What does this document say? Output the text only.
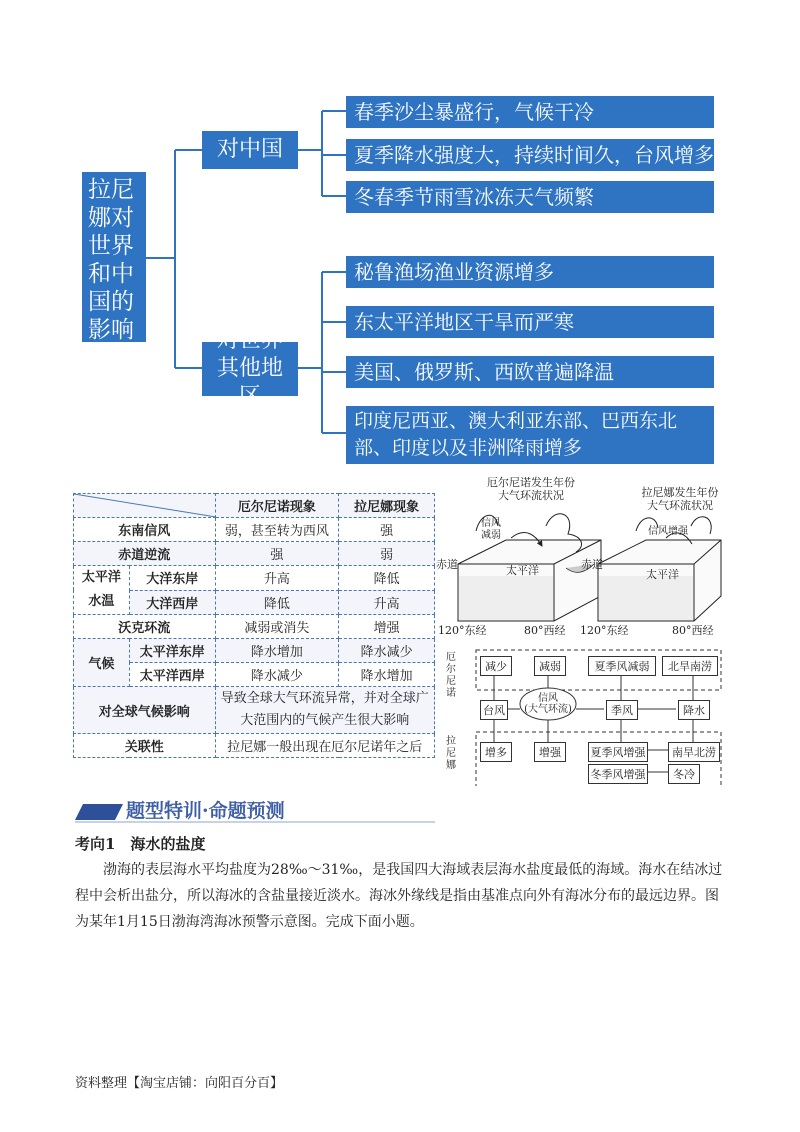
拉尼娜对世界和中国的影响
对中国
对世界其他地区
春季沙尘暴盛行，气候干冷
夏季降水强度大，持续时间久，台风增多
冬春季节雨雪冰冻天气频繁
秘鲁渔场渔业资源增多
东太平洋地区干旱而严寒
美国、俄罗斯、西欧普遍降温
印度尼西亚、澳大利亚东部、巴西东北部、印度以及非洲降雨增多
	厄尔尼诺现象	拉尼娜现象
东南信风		弱，甚至转为西风	强
赤道逆流		强	弱
太平洋水温	大洋东岸	升高	降低
	大洋西岸	降低	升高
沃克环流		减弱或消失	增强
气候	太平洋东岸	降水增加	降水减少
	太平洋西岸	降水减少	降水增加
对全球气候影响		导致全球大气环流异常，并对全球广大范围内的气候产生很大影响	
关联性		拉尼娜一般出现在厄尔尼诺年之后	
厄尔尼诺发生年份
大气环流状况	拉尼娜发生年份
大气环流状况
信风
减弱	信风增强
赤道	赤道
太平洋	太平洋
120°东经	80°西经 120°东经	80°西经
厄尔尼诺
拉尼娜
减少	减弱	夏季风减弱	北旱南涝
台风
信风
(大气环流)	季风	降水
增多	增强	夏季风增强	南旱北涝
冬季风增强	冬冷
题型特训·命题预测
考向1　海水的盐度
渤海的表层海水平均盐度为28‰～31‰，是我国四大海域表层海水盐度最低的海域。海水在结冰过程中会析出盐分，所以海冰的含盐量接近淡水。海冰外缘线是指由基准点向外有海冰分布的最远边界。图为某年1月15日渤海湾海冰预警示意图。完成下面小题。
资料整理【淘宝店铺：向阳百分百】
